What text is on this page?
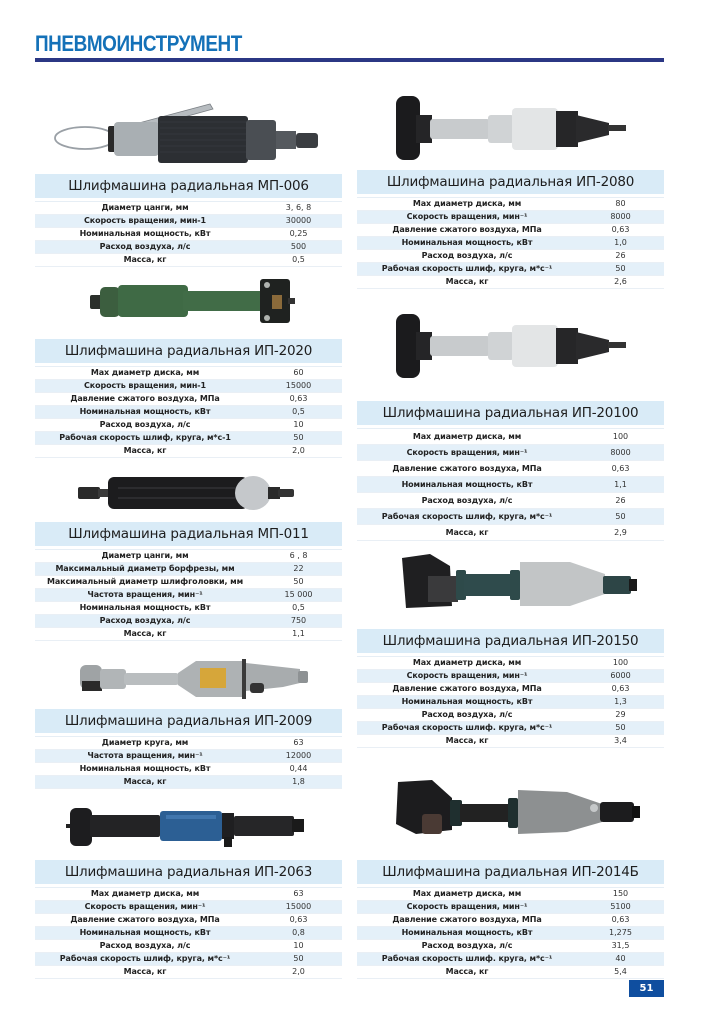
ПНЕВМОИНСТРУМЕНТ
Шлифмашина радиальная МП-006
Диаметр цанги, мм	3, 6, 8
Скорость вращения, мин-1	30000
Номинальная мощность, кВт	0,25
Расход воздуха, л/с	500
Масса, кг	0,5
Шлифмашина радиальная ИП-2020
Max диаметр диска, мм	60
Скорость вращения, мин-1	15000
Давление сжатого воздуха, МПа	0,63
Номинальная мощность, кВт	0,5
Расход воздуха, л/с	10
Рабочая скорость шлиф, круга, м*с-1	50
Масса, кг	2,0
Шлифмашина радиальная МП-011
Диаметр цанги, мм	6 , 8
Максимальный диаметр борфрезы, мм	22
Максимальный диаметр шлифголовки, мм	50
Частота вращения, мин⁻¹	15 000
Номинальная мощность, кВт	0,5
Расход воздуха, л/с	750
Масса, кг	1,1
Шлифмашина радиальная ИП-2009
Диаметр круга, мм	63
Частота вращения, мин⁻¹	12000
Номинальная мощность, кВт	0,44
Масса, кг	1,8
Шлифмашина радиальная ИП-2063
Max диаметр диска, мм	63
Скорость вращения, мин⁻¹	15000
Давление сжатого воздуха, МПа	0,63
Номинальная мощность, кВт	0,8
Расход воздуха, л/с	10
Рабочая скорость шлиф, круга, м*с⁻¹	50
Масса, кг	2,0
Шлифмашина радиальная ИП-2080
Max диаметр диска, мм	80
Скорость вращения, мин⁻¹	8000
Давление сжатого воздуха, МПа	0,63
Номинальная мощность, кВт	1,0
Расход воздуха, л/с	26
Рабочая скорость шлиф, круга, м*с⁻¹	50
Масса, кг	2,6
Шлифмашина радиальная ИП-20100
Max диаметр диска, мм	100
Скорость вращения, мин⁻¹	8000
Давление сжатого воздуха, МПа	0,63
Номинальная мощность, кВт	1,1
Расход воздуха, л/с	26
Рабочая скорость шлиф, круга, м*с⁻¹	50
Масса, кг	2,9
Шлифмашина радиальная ИП-20150
Max диаметр диска, мм	100
Скорость вращения, мин⁻¹	6000
Давление сжатого воздуха, МПа	0,63
Номинальная мощность, кВт	1,3
Расход воздуха, л/с	29
Рабочая скорость шлиф. круга, м*с⁻¹	50
Масса, кг	3,4
Шлифмашина радиальная ИП-2014Б
Max диаметр диска, мм	150
Скорость вращения, мин⁻¹	5100
Давление сжатого воздуха, МПа	0,63
Номинальная мощность, кВт	1,275
Расход воздуха, л/с	31,5
Рабочая скорость шлиф. круга, м*с⁻¹	40
Масса, кг	5,4
51
